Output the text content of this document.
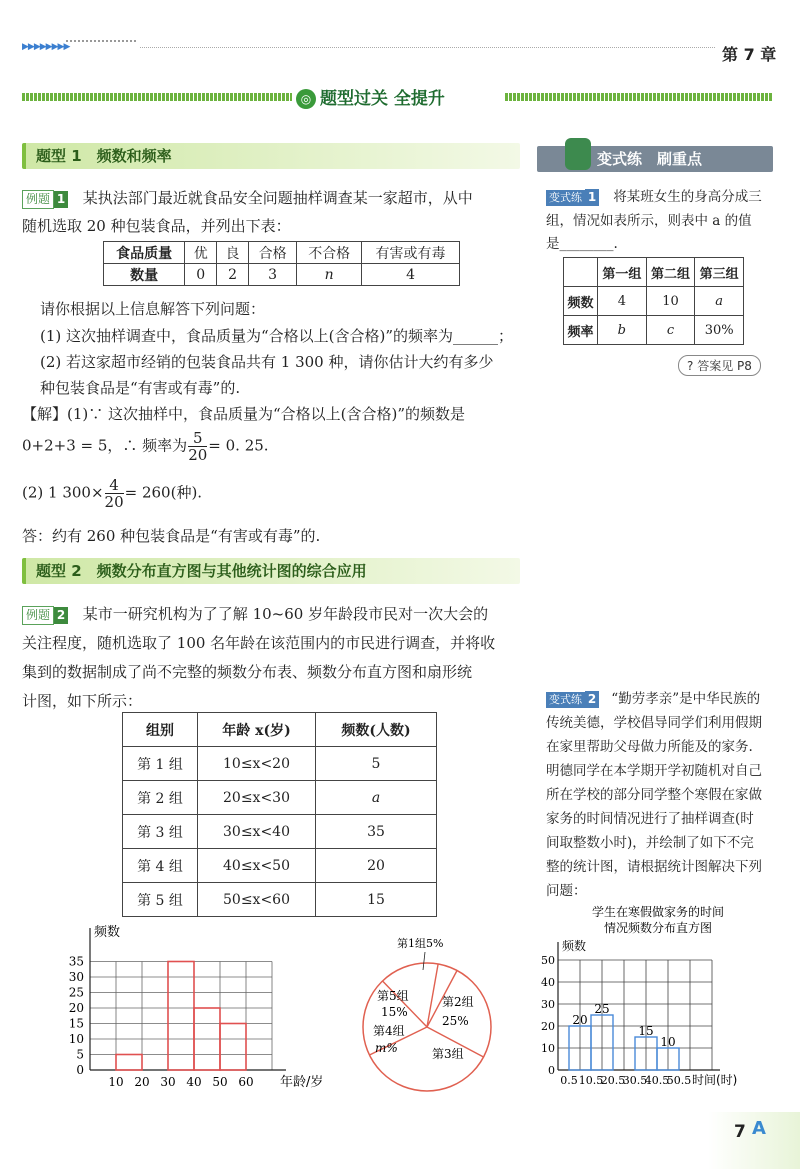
▶▶▶▶▶▶▶▶	第 7 章
◎ 题型过关 全提升
题型 1　频数和频率	变式练　刷重点
例题 1 某执法部门最近就食品安全问题抽样调查某一家超市，从中
随机选取 20 种包装食品，并列出下表：
食品质量	优	良	合格	不合格	有害或有毒
数量	0	2	3	n	4
请你根据以上信息解答下列问题：
(1) 这次抽样调查中，食品质量为“合格以上(含合格)”的频率为______；
(2) 若这家超市经销的包装食品共有 1 300 种，请你估计大约有多少
种包装食品是“有害或有毒”的.
【解】(1)∵ 这次抽样中，食品质量为“合格以上(含合格)”的频数是
0+2+3 = 5，∴ 频率为 $\frac{5}{20} = 0$. 25.
(2) 1 $300\times \frac{4}{20} = 260$(种).
答：约有 260 种包装食品是“有害或有毒”的.
题型 2　频数分布直方图与其他统计图的综合应用
例题 2 某市一研究机构为了了解 10~60 岁年龄段市民对一次大会的
关注程度，随机选取了 100 名年龄在该范围内的市民进行调查，并将收
集到的数据制成了尚不完整的频数分布表、频数分布直方图和扇形统
计图，如下所示：
组别	年龄 x(岁)	频数(人数)
第 1 组	10≤x<20	5
第 2 组	20≤x<30	a
第 3 组	30≤x<40	35
第 4 组	40≤x<50	20
第 5 组	50≤x<60	15
0
5
10
15
20
25
30
35
频数
年龄/岁
10 20 30 40 50 60
第1组5%
第2组
25%
第3组
第4组
m%
第5组
15%
变式练 1 将某班女生的身高分成三
组，情况如表所示，则表中 a 的值
是________.
	第一组	第二组	第三组
频数	4	10	a
频率	b	c	30%
? 答案见 P8
变式练 2 “勤劳孝亲”是中华民族的
传统美德，学校倡导同学们利用假期
在家里帮助父母做力所能及的家务.
明德同学在本学期开学初随机对自己
所在学校的部分同学整个寒假在家做
家务的时间情况进行了抽样调查(时
间取整数小时)，并绘制了如下不完
整的统计图，请根据统计图解决下列
问题：
学生在寒假做家务的时间
情况频数分布直方图
0
10
20
30
40
50
频数
时间(时)
0.5 10.5
20.5
30.5
40.5
50.5
20
25
15
10
7 A
